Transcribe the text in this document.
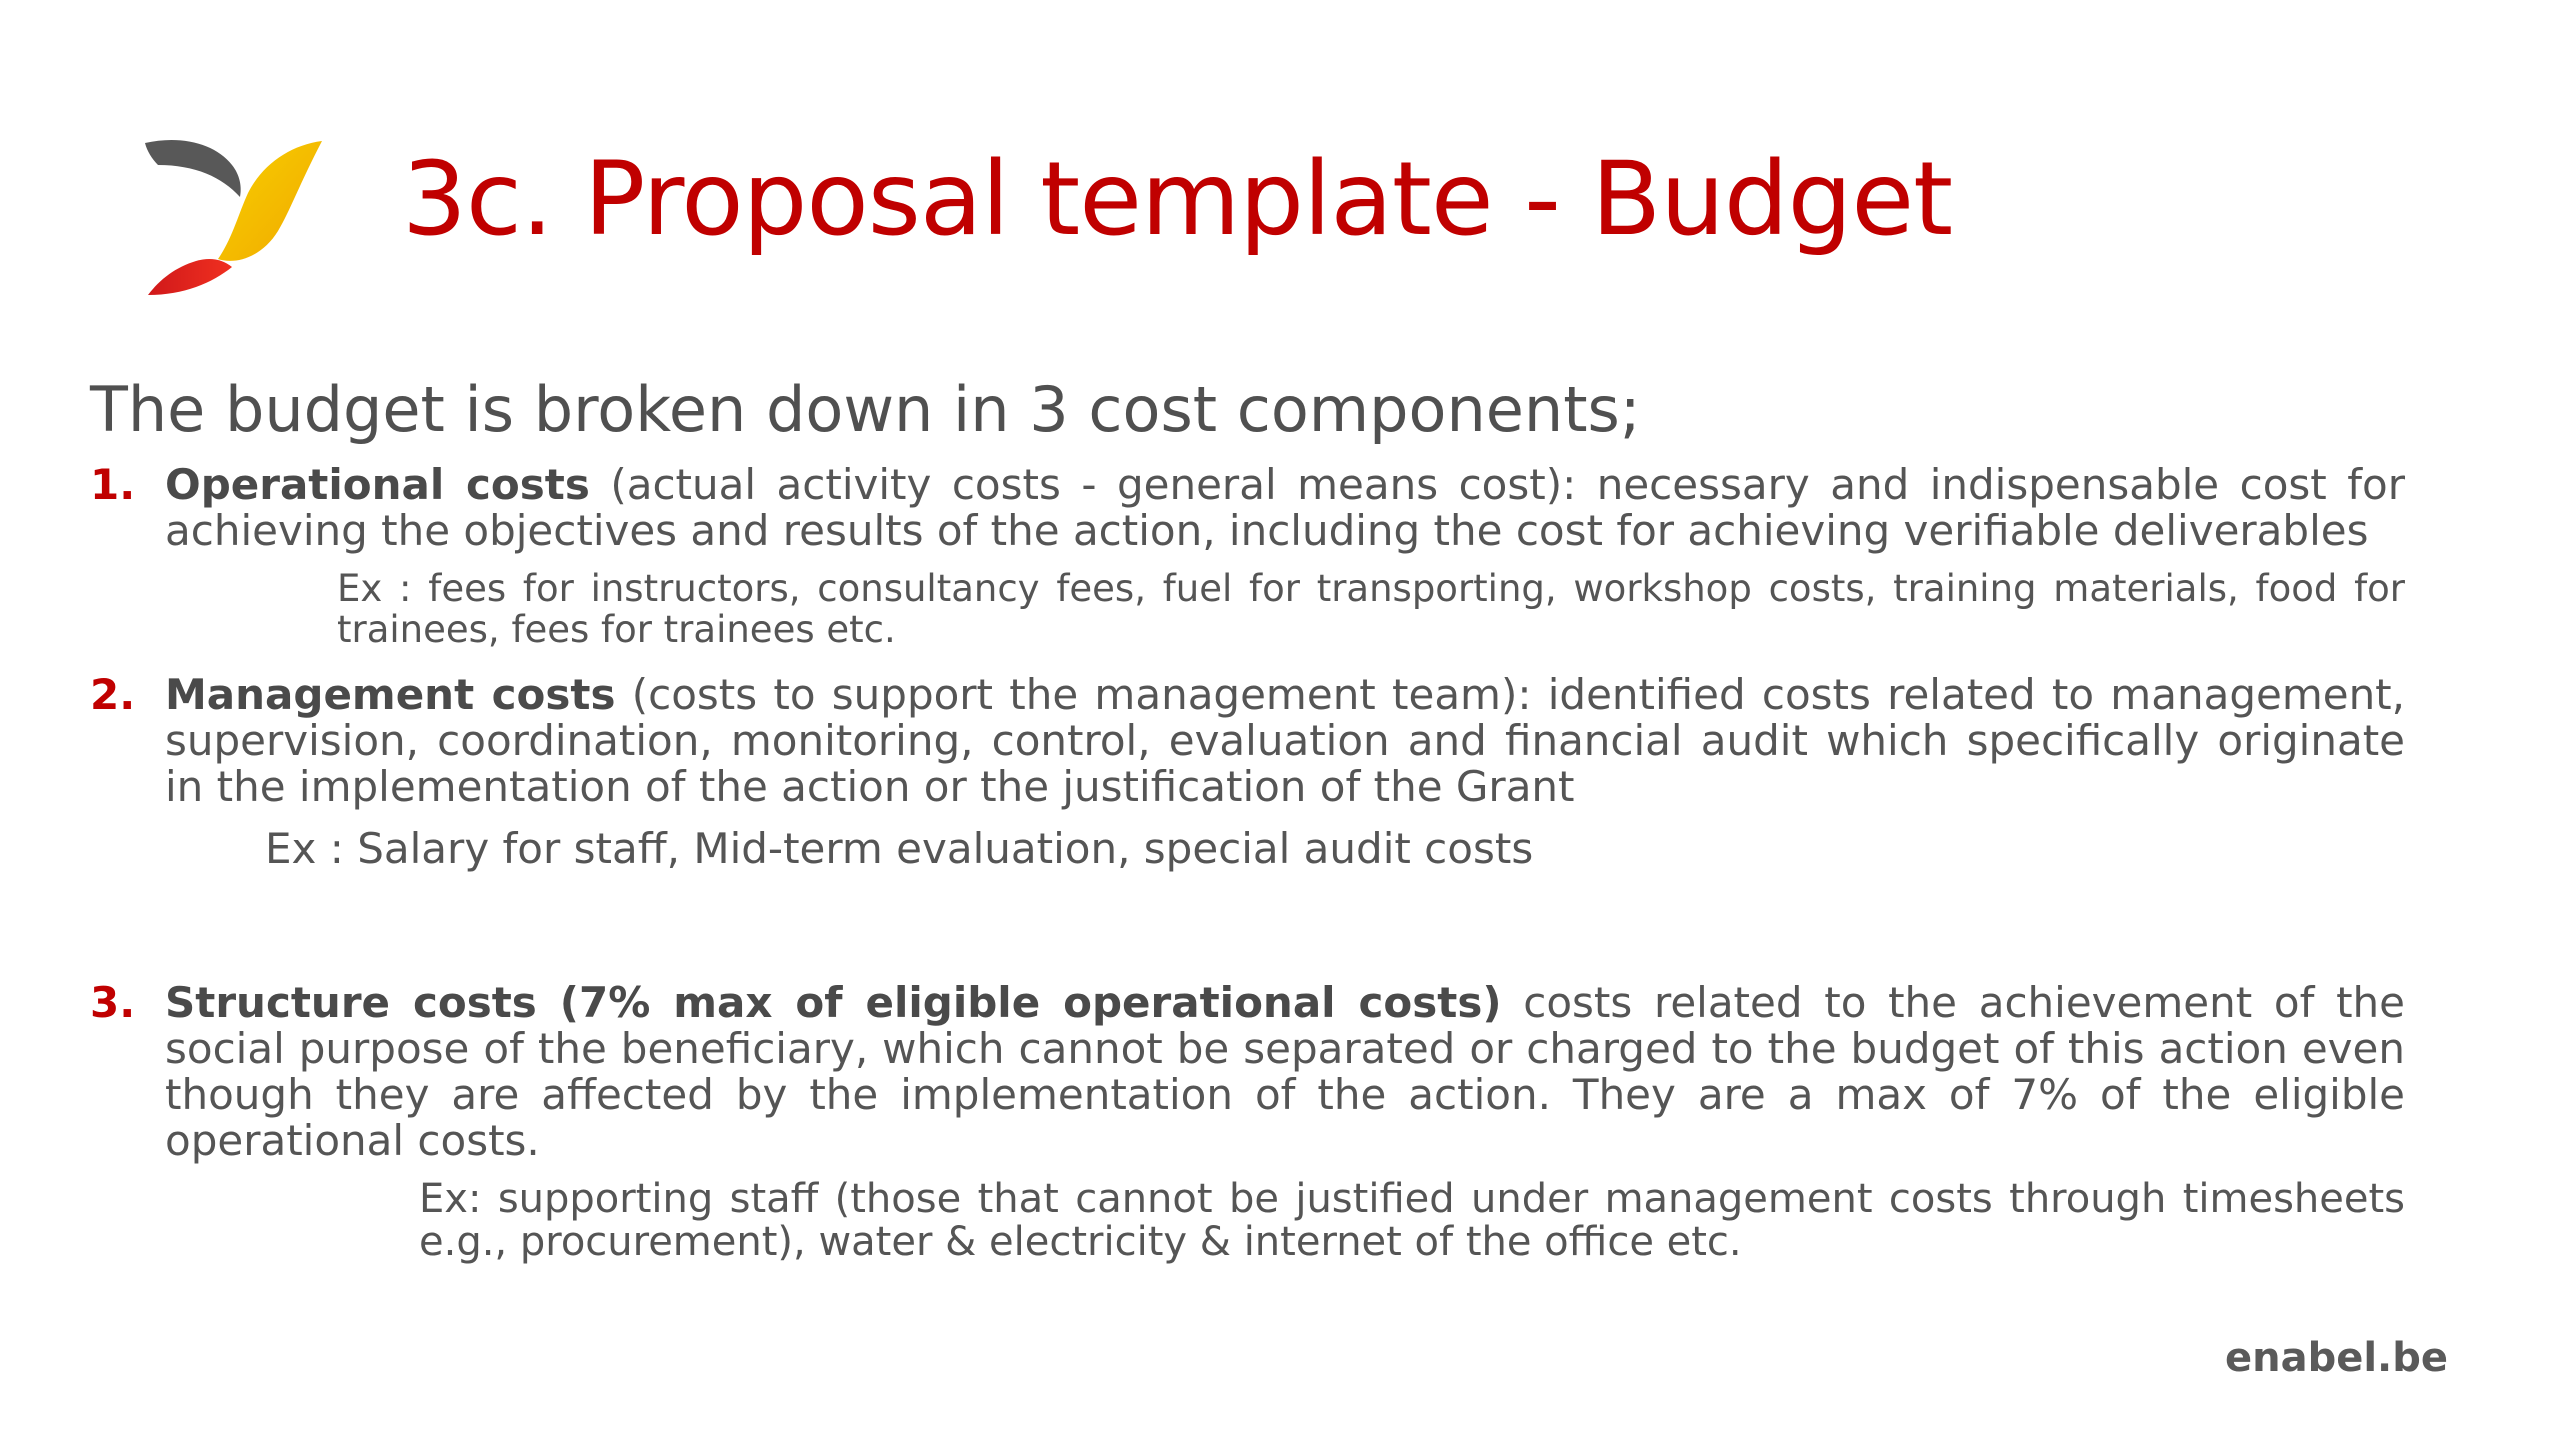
3c. Proposal template - Budget
The budget is broken down in 3 cost components;
1. Operational costs (actual activity costs - general means cost): necessary and indispensable cost for achieving the objectives and results of the action, including the cost for achieving verifiable deliverables
Ex : fees for instructors, consultancy fees, fuel for transporting, workshop costs, training materials, food for trainees, fees for trainees etc.
2. Management costs (costs to support the management team): identified costs related to management, supervision, coordination, monitoring, control, evaluation and financial audit which specifically originate in the implementation of the action or the justification of the Grant
Ex : Salary for staff, Mid-term evaluation, special audit costs
3. Structure costs (7% max of eligible operational costs) costs related to the achievement of the social purpose of the beneficiary, which cannot be separated or charged to the budget of this action even though they are affected by the implementation of the action. They are a max of 7% of the eligible operational costs.
Ex: supporting staff (those that cannot be justified under management costs through timesheets e.g., procurement), water & electricity & internet of the office etc.
enabel.be
